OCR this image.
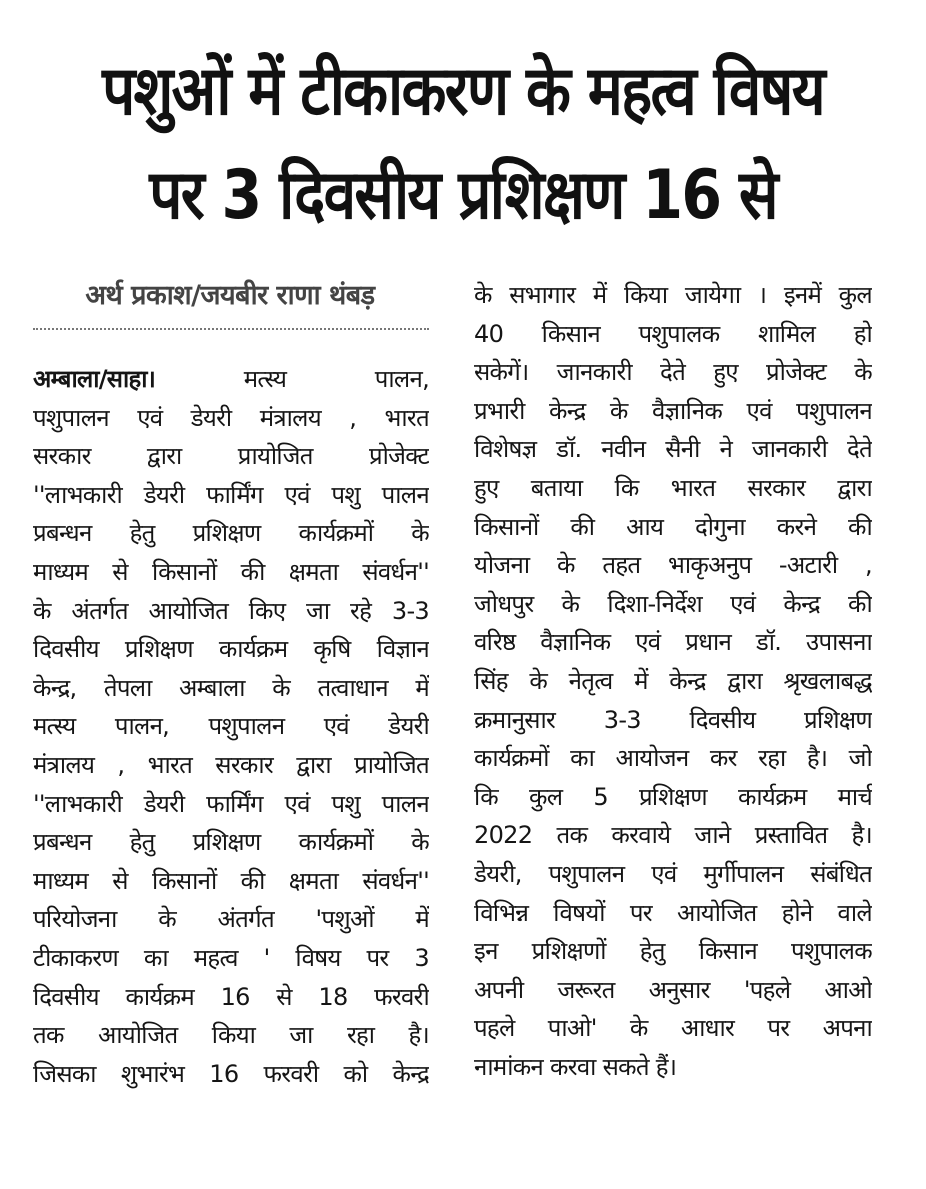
पशुओं में टीकाकरण के महत्व विषय
पर 3 दिवसीय प्रशिक्षण 16 से
अर्थ प्रकाश/जयबीर राणा थंबड़
अम्बाला/साहा।	मत्स्य पालन,
पशुपालन एवं डेयरी मंत्रालय , भारत
सरकार द्वारा प्रायोजित प्रोजेक्ट
''लाभकारी डेयरी फार्मिंग एवं पशु पालन
प्रबन्धन हेतु प्रशिक्षण कार्यक्रमों के
माध्यम से किसानों की क्षमता संवर्धन''
के अंतर्गत आयोजित किए जा रहे 3-3
दिवसीय प्रशिक्षण कार्यक्रम कृषि विज्ञान
केन्द्र, तेपला अम्बाला के तत्वाधान में
मत्स्य पालन, पशुपालन एवं डेयरी
मंत्रालय , भारत सरकार द्वारा प्रायोजित
''लाभकारी डेयरी फार्मिंग एवं पशु पालन
प्रबन्धन हेतु प्रशिक्षण कार्यक्रमों के
माध्यम से किसानों की क्षमता संवर्धन''
परियोजना के अंतर्गत 'पशुओं में
टीकाकरण का महत्व ' विषय पर 3
दिवसीय कार्यक्रम 16 से 18 फरवरी
तक आयोजित किया जा रहा है।
जिसका शुभारंभ 16 फरवरी को केन्द्र
के सभागार में किया जायेगा । इनमें कुल
40 किसान पशुपालक शामिल हो
सकेगें। जानकारी देते हुए प्रोजेक्ट के
प्रभारी केन्द्र के वैज्ञानिक एवं पशुपालन
विशेषज्ञ डॉ. नवीन सैनी ने जानकारी देते
हुए बताया कि भारत सरकार द्वारा
किसानों की आय दोगुना करने की
योजना के तहत भाकृअनुप -अटारी ,
जोधपुर के दिशा-निर्देश एवं केन्द्र की
वरिष्ठ वैज्ञानिक एवं प्रधान डॉ. उपासना
सिंह के नेतृत्व में केन्द्र द्वारा श्रृखलाबद्ध
क्रमानुसार 3-3 दिवसीय प्रशिक्षण
कार्यक्रमों का आयोजन कर रहा है। जो
कि कुल 5 प्रशिक्षण कार्यक्रम मार्च
2022 तक करवाये जाने प्रस्तावित है।
डेयरी, पशुपालन एवं मुर्गीपालन संबंधित
विभिन्न विषयों पर आयोजित होने वाले
इन प्रशिक्षणों हेतु किसान पशुपालक
अपनी जरूरत अनुसार 'पहले आओ
पहले पाओ' के आधार पर अपना
नामांकन करवा सकते हैं।
